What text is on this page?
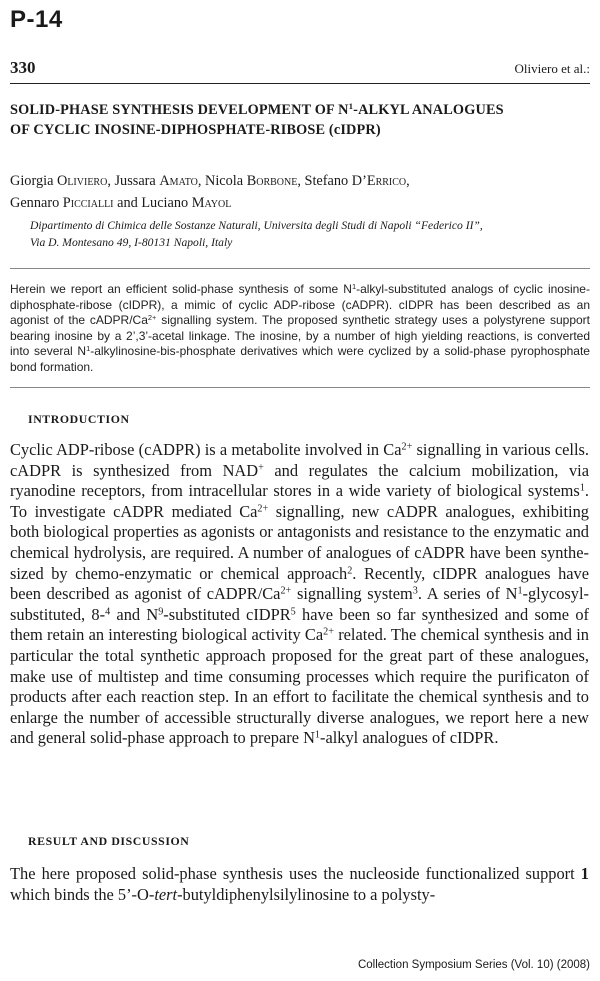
P-14
330	Oliviero et al.:
SOLID-PHASE SYNTHESIS DEVELOPMENT OF $N^1$-ALKYL ANALOGUES
OF CYCLIC INOSINE-DIPHOSPHATE-RIBOSE (cIDPR)
Giorgia Oliviero, Jussara Amato, Nicola Borbone, Stefano D’Errico,
Gennaro Piccialli and Luciano Mayol
Dipartimento di Chimica delle Sostanze Naturali, Universita degli Studi di Napoli “Federico II”,
Via D. Montesano 49, I-80131 Napoli, Italy
Herein we report an efficient solid-phase synthesis of some $N^1-alkyl$-substituted analogs of cyclic inosine-diphosphate-ribose (cIDPR), a mimic of cyclic ADP-ribose (cADPR). cIDPR has been described as an agonist of the cADPR/$Ca^{2+}$ signalling system. The proposed synthetic strategy uses a polystyrene support bearing inosine by a 2’,3’-acetal linkage. The inosine, by a number of high yielding reactions, is converted into several $N^1-alkylinosine-bis$-phosphate derivatives which were cyclized by a solid-phase pyrophosphate bond formation.
INTRODUCTION
Cyclic ADP-ribose (cADPR) is a metabolite involved in $Ca^{2+}$ signalling in various cells. cADPR is synthesized from NAD+ and regulates the calcium mobilization, via ryanodine receptors, from intracellular stores in a wide variety of biological systems$^1$. To investigate cADPR mediated $Ca^{2+}$ signalling, new cADPR analogues, exhibiting both biological properties as agonists or antagonists and resistance to the enzymatic and chemical hydrolysis, are required. A number of analogues of cADPR have been synthesized by chemo-enzymatic or chemical approach$^2$. Recently, cIDPR analogues have been described as agonist of cADPR/$Ca^{2+}$ signalling system$^3$. A series of $N^1-glycosyl$-substituted, 8-$^4$ and $N^9$-substituted cIDPR$^5$ have been so far synthesized and some of them retain an interesting biological activity $Ca^{2+}$ related. The chemical synthesis and in particular the total synthetic approach proposed for the great part of these analogues, make use of multistep and time consuming processes which require the purificaton of products after each reaction step. In an effort to facilitate the chemical synthesis and to enlarge the number of accessible structurally diverse analogues, we report here a new and general solid-phase approach to prepare $N^1$-alkyl analogues of cIDPR.
RESULT AND DISCUSSION
The here proposed solid-phase synthesis uses the nucleoside functionalized support 1 which binds the 5’-O-tert-butyldiphenylsilylinosine to a polysty-
Collection Symposium Series (Vol. 10) (2008)
